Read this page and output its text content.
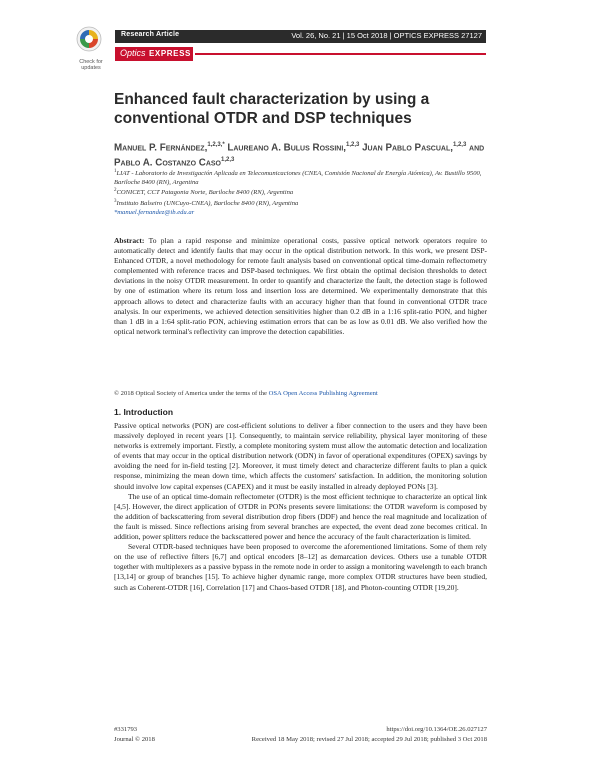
Check for updates
Research Article	Vol. 26, No. 21 | 15 Oct 2018 | OPTICS EXPRESS 27127
Optics EXPRESS
Enhanced fault characterization by using a conventional OTDR and DSP techniques
Manuel P. Fernández,$^{1,2,3,*}$ Laureano A. Bulus Rossini,$^{1,2,3}$ Juan Pablo Pascual,$^{1,2,3}$ and Pablo A. Costanzo Caso$^{1,2,3}$
$^1$LIAT - Laboratorio de Investigación Aplicada en Telecomunicaciones (CNEA, Comisión Nacional de Energía Atómica), Av. Bustillo 9500, Bariloche 8400 (RN), Argentina
$^2$CONICET, CCT Patagonia Norte, Bariloche 8400 (RN), Argentina
$^3$Instituto Balseiro (UNCuyo-CNEA), Bariloche 8400 (RN), Argentina
*manuel.fernandez@ib.edu.ar
Abstract: To plan a rapid response and minimize operational costs, passive optical network operators require to automatically detect and identify faults that may occur in the optical distribution network. In this work, we present DSP-Enhanced OTDR, a novel methodology for remote fault analysis based on conventional optical time-domain reflectometry complemented with reference traces and DSP-based techniques. We first obtain the optimal decision thresholds to detect deviations in the noisy OTDR measurement. In order to quantify and characterize the fault, the detection stage is followed by one of estimation where its return loss and insertion loss are determined. We experimentally demonstrate that this approach allows to detect and characterize faults with an accuracy higher than that found in conventional OTDR trace analysis. In our experiments, we achieved detection sensitivities higher than 0.2 dB in a 1:16 split-ratio PON, and higher than 1 dB in a 1:64 split-ratio PON, achieving estimation errors that can be as low as 0.01 dB. We also verified how the optical network terminal's reflectivity can improve the detection capabilities.
© 2018 Optical Society of America under the terms of the OSA Open Access Publishing Agreement
1. Introduction

Passive optical networks (PON) are cost-efficient solutions to deliver a fiber connection to the users and they have been massively deployed in recent years [1]. Consequently, to maintain service reliability, physical layer monitoring of these networks is extremely important. Firstly, a complete monitoring system must allow the automatic detection and localization of events that may occur in the optical distribution network (ODN) in favor of operational expenditures (OPEX) savings by avoiding the need for in-field testing [2]. Moreover, it must timely detect and characterize different faults to plan a quick response, minimizing the mean down time, which affects the customers' satisfaction. In addition, the monitoring solution should involve low capital expenses (CAPEX) and it must be easily installed in already deployed PONs [3].

The use of an optical time-domain reflectometer (OTDR) is the most efficient technique to characterize an optical link [4,5]. However, the direct application of OTDR in PONs presents severe limitations: the OTDR waveform is composed by the addition of backscattering from several distribution drop fibers (DDF) and hence the real magnitude and localization of the fault is missed. Since reflections arising from several branches are expected, the event dead zone becomes critical. In addition, power splitters reduce the backscattered power and hence the accuracy of the fault characterization is limited.

Several OTDR-based techniques have been proposed to overcome the aforementioned limitations. Some of them rely on the use of reflective filters [6,7] and optical encoders [8–12] as demarcation devices. Others use a tunable OTDR together with multiplexers as a passive bypass in the remote node in order to assign a monitoring wavelength to each branch [13,14] or group of branches [15]. To achieve higher dynamic range, more complex OTDR structures have been studied, such as Coherent-OTDR [16], Correlation [17] and Chaos-based OTDR [18], and Photon-counting OTDR [19,20].

#331793
Journal © 2018
https://doi.org/10.1364/OE.26.027127
Received 18 May 2018; revised 27 Jul 2018; accepted 29 Jul 2018; published 3 Oct 2018
